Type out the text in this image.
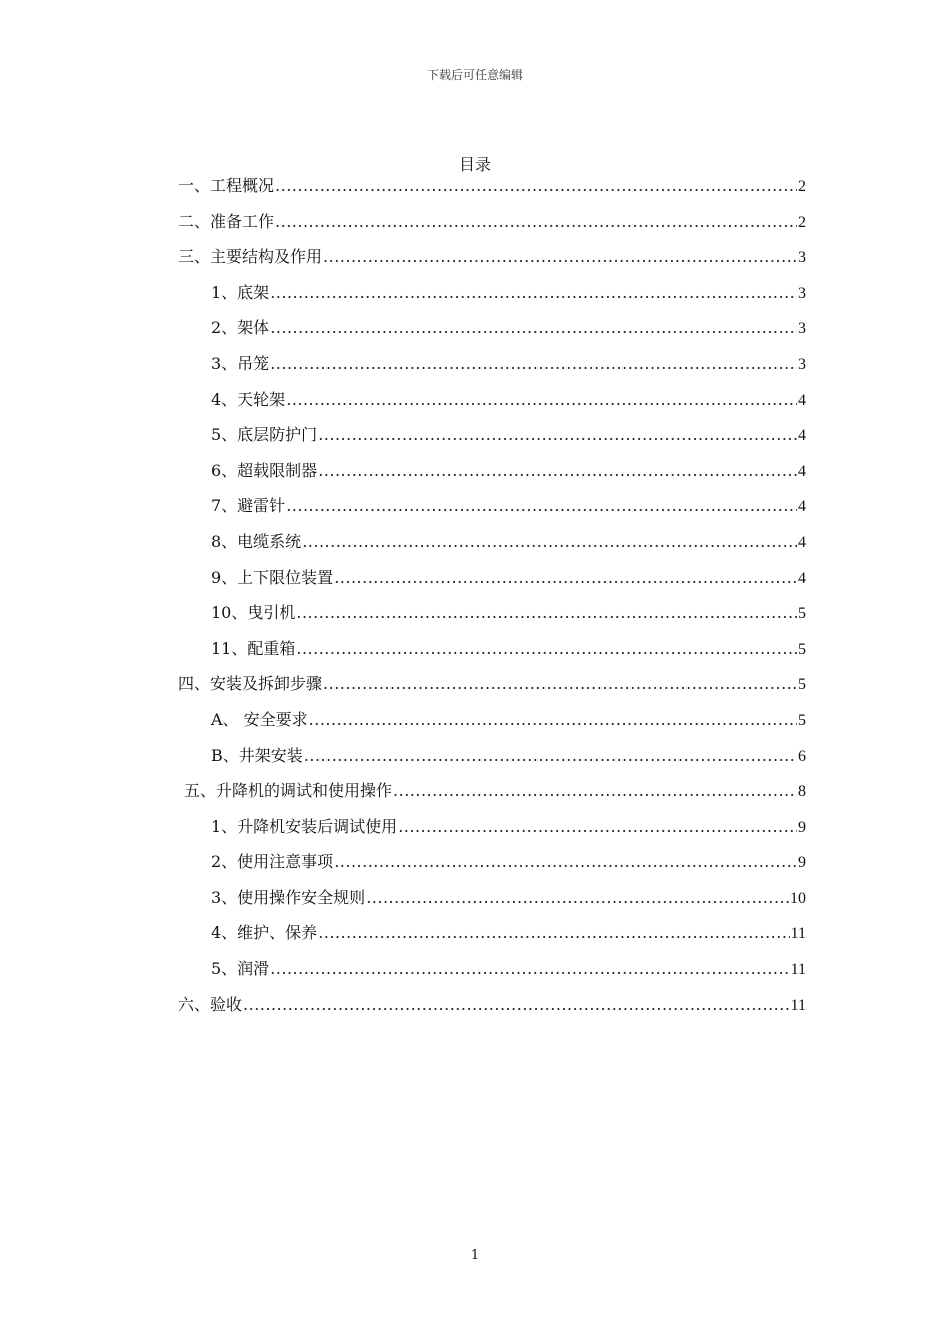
下载后可任意编辑
目录
一、工程概况 .....	2
二、准备工作 .....	2
三、主要结构及作用 .....	3
1、底架 .....	3
2、架体 .....	3
3、吊笼 .....	3
4、天轮架 .....	4
5、底层防护门 .....	4
6、超载限制器 .....	4
7、避雷针 .....	4
8、电缆系统 .....	4
9、上下限位装置 .....	4
10、曳引机 .....	5
11、配重箱 .....	5
四、安装及拆卸步骤 .....	5
A、 安全要求 .....	5
B、井架安装 .....	6
五、升降机的调试和使用操作 .....	8
1、升降机安装后调试使用 .....	9
2、使用注意事项 .....	9
3、使用操作安全规则 .....	10
4、维护、保养 .....	11
5、润滑 .....	11
六、验收 .....	11
1
